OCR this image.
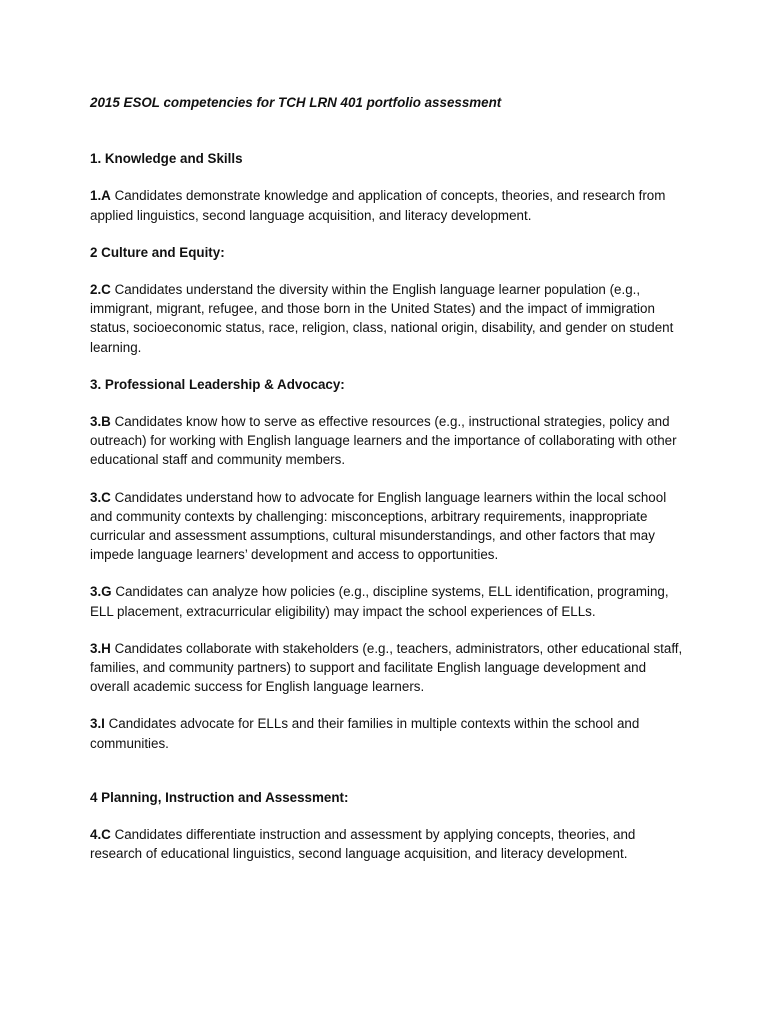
2015 ESOL competencies for TCH LRN 401 portfolio assessment
1. Knowledge and Skills
1.A Candidates demonstrate knowledge and application of concepts, theories, and research from applied linguistics, second language acquisition, and literacy development.
2 Culture and Equity:
2.C Candidates understand the diversity within the English language learner population (e.g., immigrant, migrant, refugee, and those born in the United States) and the impact of immigration status, socioeconomic status, race, religion, class, national origin, disability, and gender on student learning.
3. Professional Leadership & Advocacy:
3.B Candidates know how to serve as effective resources (e.g., instructional strategies, policy and outreach) for working with English language learners and the importance of collaborating with other educational staff and community members.
3.C Candidates understand how to advocate for English language learners within the local school and community contexts by challenging: misconceptions, arbitrary requirements, inappropriate curricular and assessment assumptions, cultural misunderstandings, and other factors that may impede language learners’ development and access to opportunities.
3.G Candidates can analyze how policies (e.g., discipline systems, ELL identification, programing, ELL placement, extracurricular eligibility) may impact the school experiences of ELLs.
3.H Candidates collaborate with stakeholders (e.g., teachers, administrators, other educational staff, families, and community partners) to support and facilitate English language development and overall academic success for English language learners.
3.I Candidates advocate for ELLs and their families in multiple contexts within the school and communities.
4 Planning, Instruction and Assessment:
4.C Candidates differentiate instruction and assessment by applying concepts, theories, and research of educational linguistics, second language acquisition, and literacy development.
